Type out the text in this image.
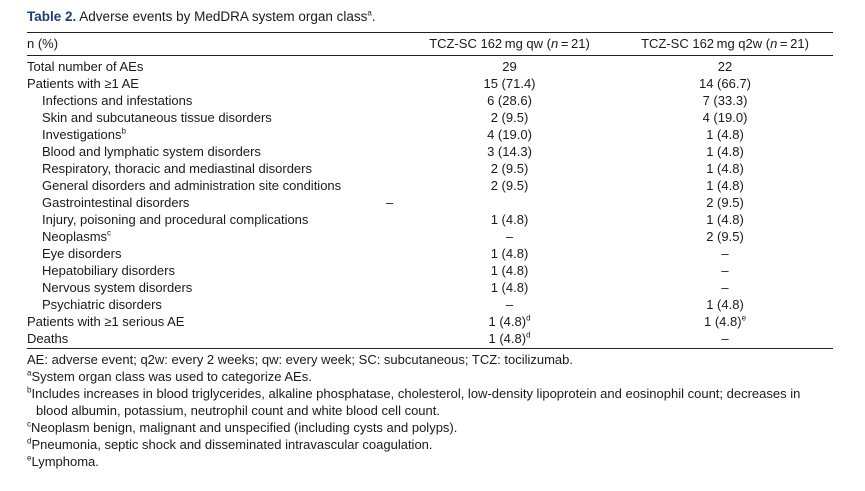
Table 2. Adverse events by MedDRA system organ class$^a$.
n (%)	TCZ-SC 162 mg qw (n = 21)	TCZ-SC 162 mg q2w (n = 21)
Total number of AEs	29	22
Patients with ≥1 AE	15 (71.4)	14 (66.7)
Infections and infestations	6 (28.6)	7 (33.3)
Skin and subcutaneous tissue disorders	2 (9.5)	4 (19.0)
Investigations$^b$	4 (19.0)	1 (4.8)
Blood and lymphatic system disorders	3 (14.3)	1 (4.8)
Respiratory, thoracic and mediastinal disorders	2 (9.5)	1 (4.8)
General disorders and administration site conditions	2 (9.5)	1 (4.8)
Gastrointestinal disorders	–	2 (9.5)
Injury, poisoning and procedural complications	1 (4.8)	1 (4.8)
Neoplasms$^c$	–	2 (9.5)
Eye disorders	1 (4.8)	–
Hepatobiliary disorders	1 (4.8)	–
Nervous system disorders	1 (4.8)	–
Psychiatric disorders	–	1 (4.8)
Patients with ≥1 serious AE	1 $(4.8)^d$	1 $(4.8)^e$
Deaths	1 $(4.8)^d$	–
AE: adverse event; q2w: every 2 weeks; qw: every week; SC: subcutaneous; TCZ: tocilizumab.
$^a$System organ class was used to categorize AEs.
$^b$Includes increases in blood triglycerides, alkaline phosphatase, cholesterol, low-density lipoprotein and eosinophil count; decreases in blood albumin, potassium, neutrophil count and white blood cell count.
$^c$Neoplasm benign, malignant and unspecified (including cysts and polyps).
$^d$Pneumonia, septic shock and disseminated intravascular coagulation.
$^e$Lymphoma.
